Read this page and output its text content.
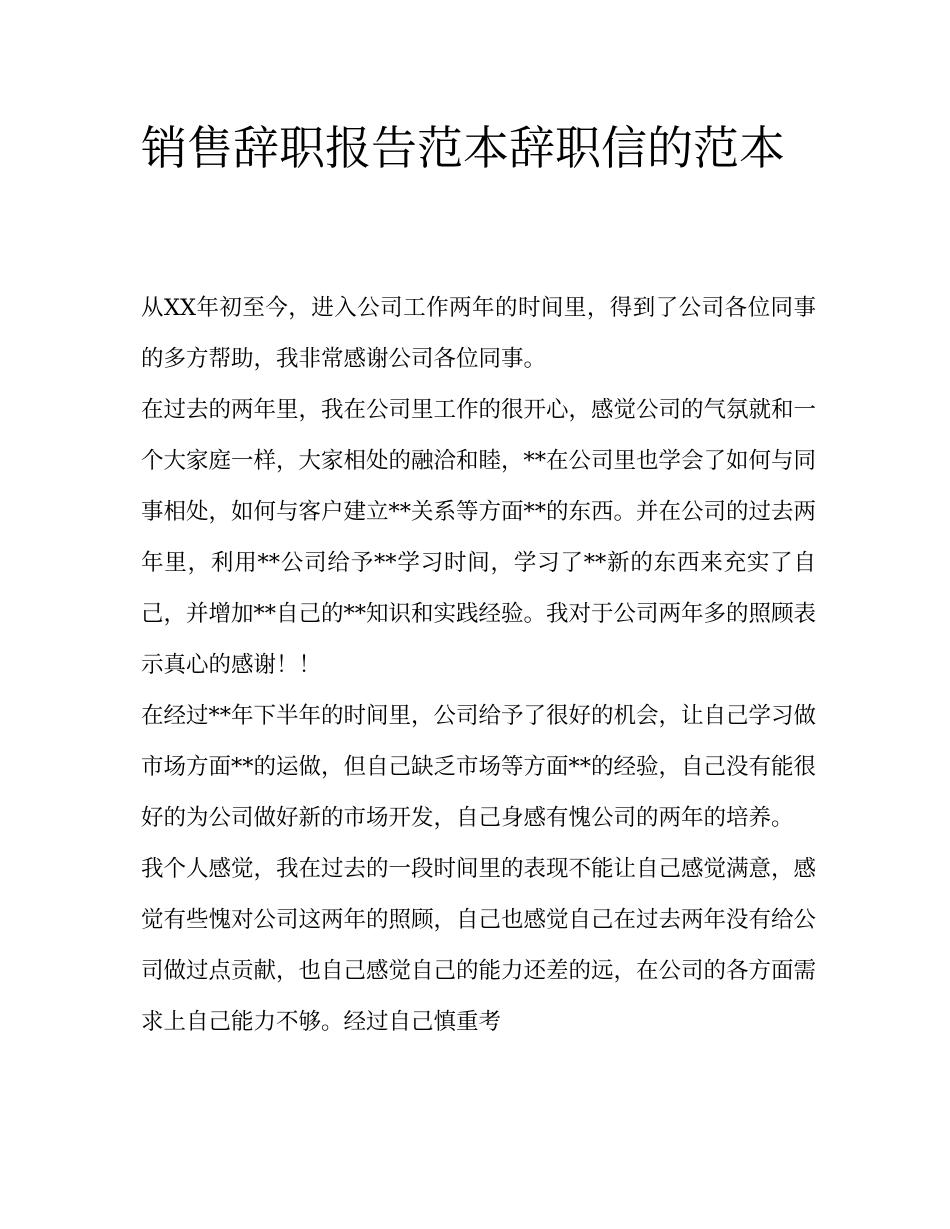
销售辞职报告范本辞职信的范本

从XX年初至今，进入公司工作两年的时间里，得到了公司各位同事的多方帮助，我非常感谢公司各位同事。

在过去的两年里，我在公司里工作的很开心，感觉公司的气氛就和一个大家庭一样，大家相处的融洽和睦，**在公司里也学会了如何与同事相处，如何与客户建立**关系等方面**的东西。并在公司的过去两年里，利用**公司给予**学习时间，学习了**新的东西来充实了自己，并增加**自己的**知识和实践经验。我对于公司两年多的照顾表示真心的感谢！！

在经过**年下半年的时间里，公司给予了很好的机会，让自己学习做市场方面**的运做，但自己缺乏市场等方面**的经验，自己没有能很好的为公司做好新的市场开发，自己身感有愧公司的两年的培养。

我个人感觉，我在过去的一段时间里的表现不能让自己感觉满意，感觉有些愧对公司这两年的照顾，自己也感觉自己在过去两年没有给公司做过点贡献，也自己感觉自己的能力还差的远，在公司的各方面需求上自己能力不够。经过自己慎重考
